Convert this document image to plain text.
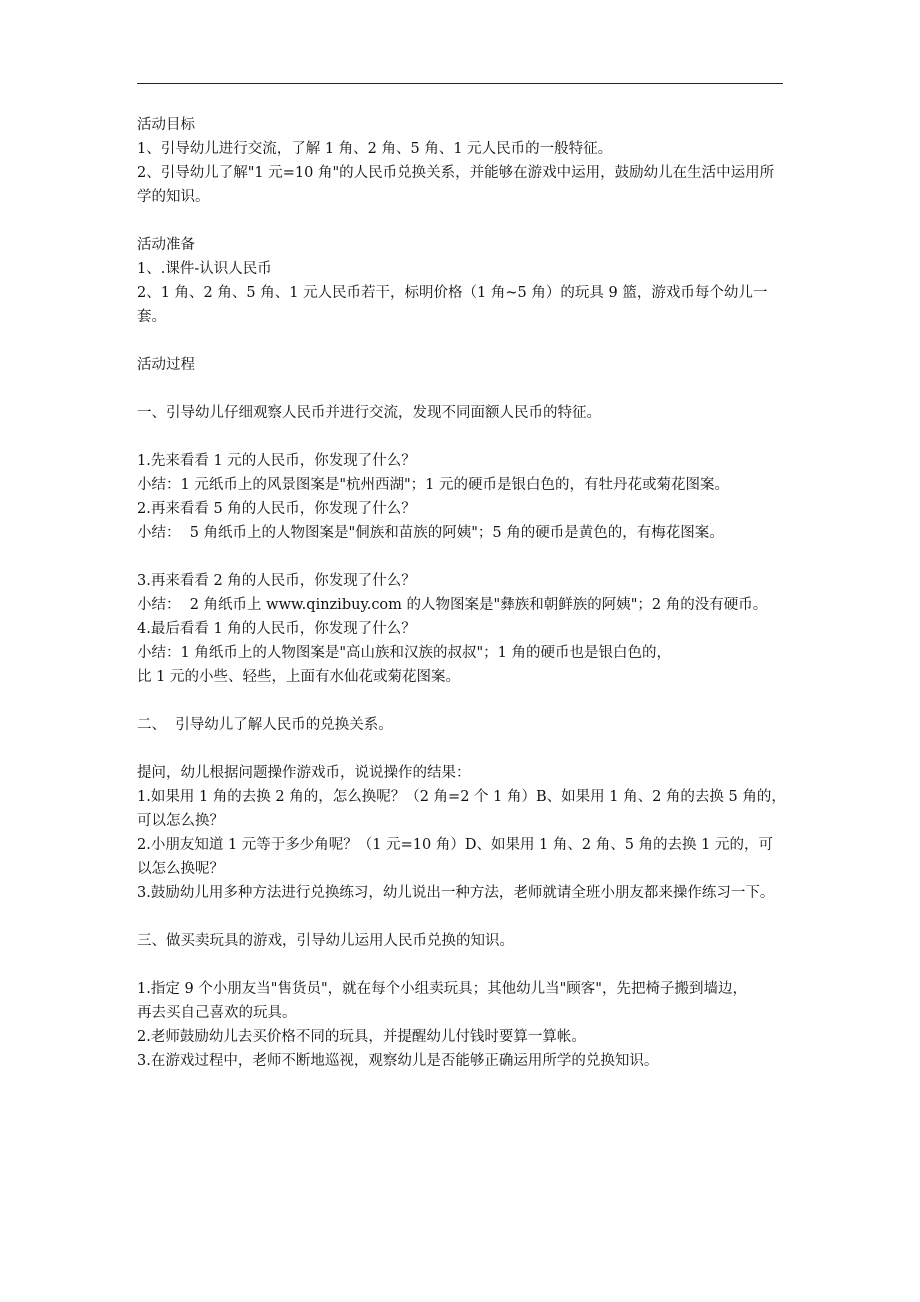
活动目标

1、引导幼儿进行交流，了解 1 角、2 角、5 角、1 元人民币的一般特征。

2、引导幼儿了解"1 元=10 角"的人民币兑换关系，并能够在游戏中运用，鼓励幼儿在生活中运用所学的知识。

活动准备

1、.课件-认识人民币

2、1 角、2 角、5 角、1 元人民币若干，标明价格（1 角~5 角）的玩具 9 篮，游戏币每个幼儿一套。

活动过程

一、引导幼儿仔细观察人民币并进行交流，发现不同面额人民币的特征。

1.先来看看 1 元的人民币，你发现了什么？

小结：1 元纸币上的风景图案是"杭州西湖"；1 元的硬币是银白色的，有牡丹花或菊花图案。

2.再来看看 5 角的人民币，你发现了什么？

小结：  5 角纸币上的人物图案是"侗族和苗族的阿姨"；5 角的硬币是黄色的，有梅花图案。

3.再来看看 2 角的人民币，你发现了什么？

小结：  2 角纸币上 www.qinzibuy.com 的人物图案是"彝族和朝鲜族的阿姨"；2 角的没有硬币。

4.最后看看 1 角的人民币，你发现了什么？

小结：1 角纸币上的人物图案是"高山族和汉族的叔叔"；1 角的硬币也是银白色的，

比 1 元的小些、轻些，上面有水仙花或菊花图案。

二、  引导幼儿了解人民币的兑换关系。

提问，幼儿根据问题操作游戏币，说说操作的结果：

1.如果用 1 角的去换 2 角的，怎么换呢？（2 角=2 个 1 角）B、如果用 1 角、2 角的去换 5 角的，可以怎么换？

2.小朋友知道 1 元等于多少角呢？（1 元=10 角）D、如果用 1 角、2 角、5 角的去换 1 元的，可以怎么换呢？

3.鼓励幼儿用多种方法进行兑换练习，幼儿说出一种方法，老师就请全班小朋友都来操作练习一下。

三、做买卖玩具的游戏，引导幼儿运用人民币兑换的知识。

1.指定 9 个小朋友当"售货员"，就在每个小组卖玩具；其他幼儿当"顾客"，先把椅子搬到墙边，

再去买自己喜欢的玩具。

2.老师鼓励幼儿去买价格不同的玩具，并提醒幼儿付钱时要算一算帐。

3.在游戏过程中，老师不断地巡视，观察幼儿是否能够正确运用所学的兑换知识。
